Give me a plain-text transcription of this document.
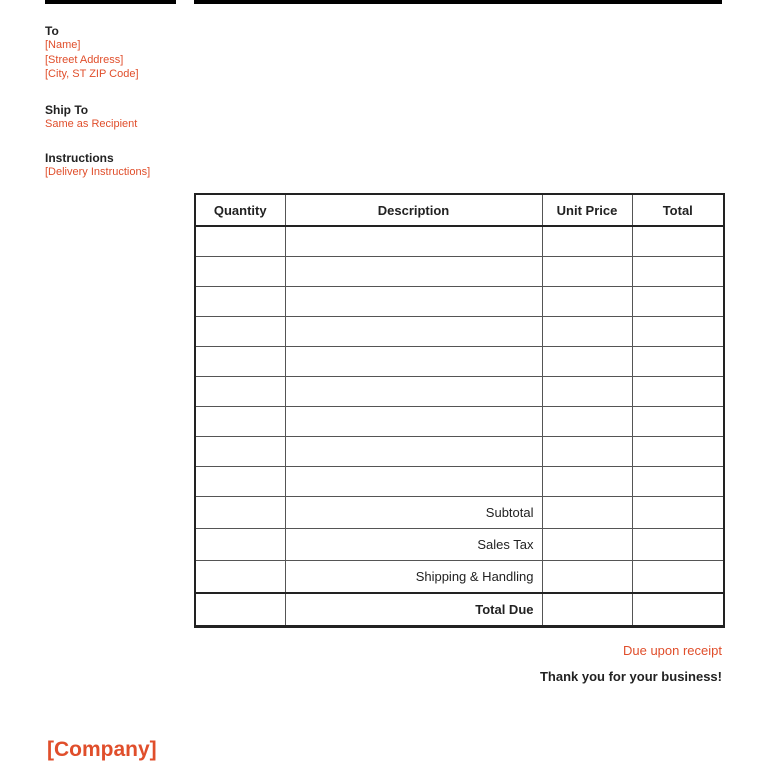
To

[Name]

[Street Address]

[City, ST ZIP Code]

Ship To

Same as Recipient

Instructions

[Delivery Instructions]

Quantity	Description	Unit Price	Total

	Subtotal		
	Sales Tax		
	Shipping & Handling		
	Total Due		
Due upon receipt
Thank you for your business!
[Company]
